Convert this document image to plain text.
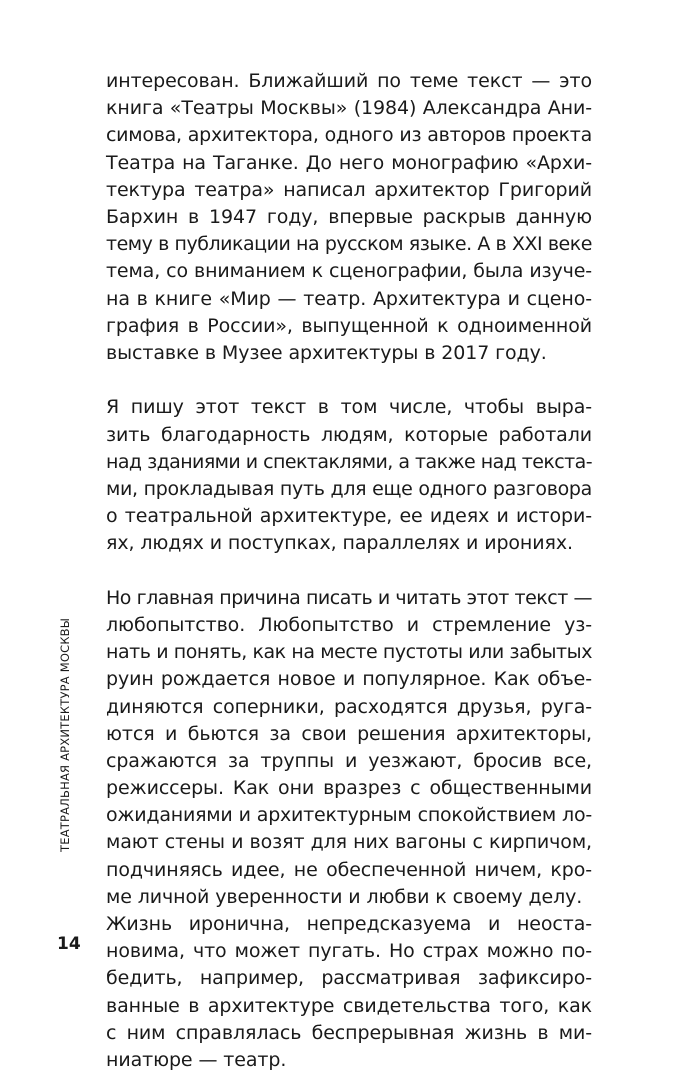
интересован. Ближайший по теме текст — это
книга «Театры Москвы» (1984) Александра Ани-
симова, архитектора, одного из авторов проекта
Театра на Таганке. До него монографию «Архи-
тектура театра» написал архитектор Григорий
Бархин в 1947 году, впервые раскрыв данную
тему в публикации на русском языке. А в XXI веке
тема, со вниманием к сценографии, была изуче-
на в книге «Мир — театр. Архитектура и сцено-
графия в России», выпущенной к одноименной
выставке в Музее архитектуры в 2017 году.

Я пишу этот текст в том числе, чтобы выра-
зить благодарность людям, которые работали
над зданиями и спектаклями, а также над текста-
ми, прокладывая путь для еще одного разговора
о театральной архитектуре, ее идеях и истори-
ях, людях и поступках, параллелях и ирониях.

Но главная причина писать и читать этот текст —
любопытство. Любопытство и стремление уз-
нать и понять, как на месте пустоты или забытых
руин рождается новое и популярное. Как объе-
диняются соперники, расходятся друзья, руга-
ются и бьются за свои решения архитекторы,
сражаются за труппы и уезжают, бросив все,
режиссеры. Как они вразрез с общественными
ожиданиями и архитектурным спокойствием ло-
мают стены и возят для них вагоны с кирпичом,
подчиняясь идее, не обеспеченной ничем, кро-
ме личной уверенности и любви к своему делу.
Жизнь иронична, непредсказуема и неоста-
новима, что может пугать. Но страх можно по-
бедить, например, рассматривая зафиксиро-
ванные в архитектуре свидетельства того, как
с ним справлялась беспрерывная жизнь в ми-
ниатюре — театр.

ТЕАТРАЛЬНАЯ АРХИТЕКТУРА МОСКВЫ
14
